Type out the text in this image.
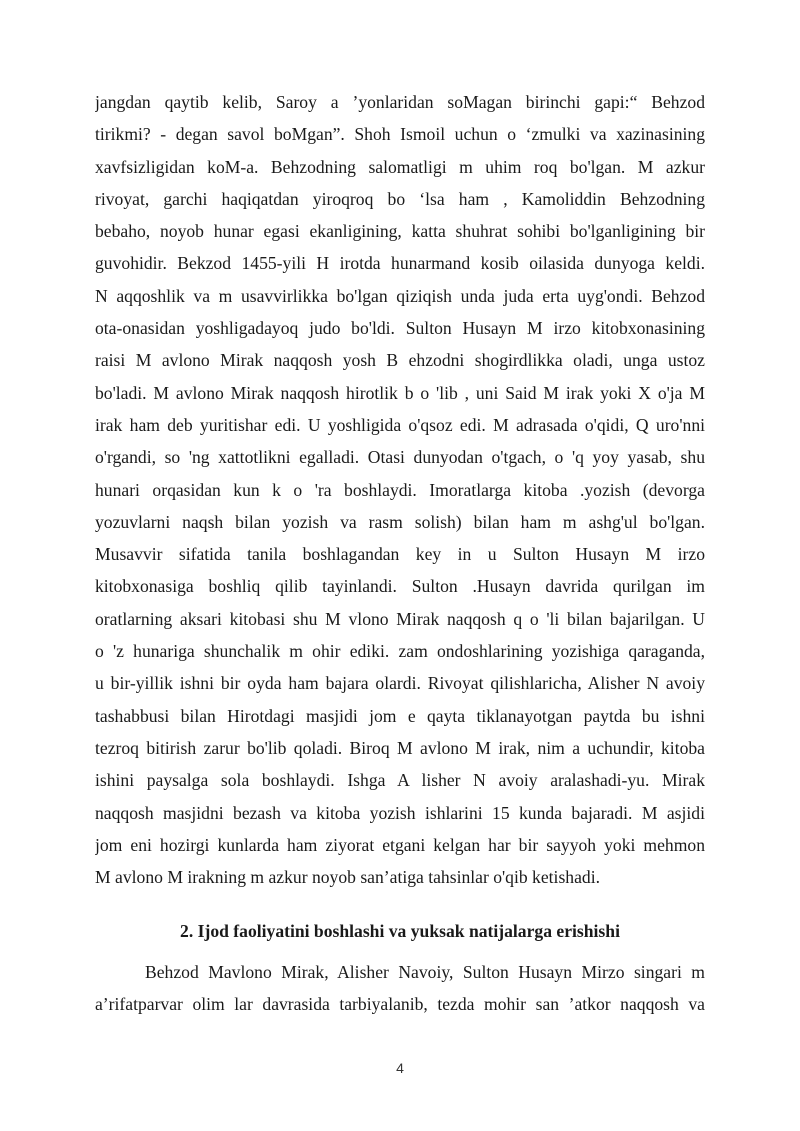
jangdan qaytib kelib, Saroy a ’yonlaridan soMagan birinchi gapi:“ Behzod
tirikmi? - degan savol boMgan”. Shoh Ismoil uchun o ‘zmulki va xazinasining
xavfsizligidan koM-a. Behzodning salomatligi m uhim roq bo'lgan. M azkur
rivoyat, garchi haqiqatdan yiroqroq bo ‘lsa ham , Kamoliddin Behzodning
bebaho, noyob hunar egasi ekanligining, katta shuhrat sohibi bo'lganligining bir
guvohidir. Bekzod 1455-yili H irotda hunarmand kosib oilasida dunyoga keldi.
N aqqoshlik va m usavvirlikka bo'lgan qiziqish unda juda erta uyg'ondi. Behzod
ota-onasidan yoshligadayoq judo bo'ldi. Sulton Husayn M irzo kitobxonasining
raisi M avlono Mirak naqqosh yosh B ehzodni shogirdlikka oladi, unga ustoz
bo'ladi. M avlono Mirak naqqosh hirotlik b o 'lib , uni Said M irak yoki X o'ja M
irak ham deb yuritishar edi. U yoshligida o'qsoz edi. M adrasada o'qidi, Q uro'nni
o'rgandi, so 'ng xattotlikni egalladi. Otasi dunyodan o'tgach, o 'q yoy yasab, shu
hunari orqasidan kun k o 'ra boshlaydi. Imoratlarga kitoba .yozish (devorga
yozuvlarni naqsh bilan yozish va rasm solish) bilan ham m ashg'ul bo'lgan.
Musavvir sifatida tanila boshlagandan key in u Sulton Husayn M irzo
kitobxonasiga boshliq qilib tayinlandi. Sulton .Husayn davrida qurilgan im
oratlarning aksari kitobasi shu M vlono Mirak naqqosh q o 'li bilan bajarilgan. U
o 'z hunariga shunchalik m ohir ediki. zam ondoshlarining yozishiga qaraganda,
u bir-yillik ishni bir oyda ham bajara olardi. Rivoyat qilishlaricha, Alisher N avoiy
tashabbusi bilan Hirotdagi masjidi jom e qayta tiklanayotgan paytda bu ishni
tezroq bitirish zarur bo'lib qoladi. Biroq M avlono M irak, nim a uchundir, kitoba
ishini paysalga sola boshlaydi. Ishga A lisher N avoiy aralashadi-yu. Mirak
naqqosh masjidni bezash va kitoba yozish ishlarini 15 kunda bajaradi. M asjidi
jom eni hozirgi kunlarda ham ziyorat etgani kelgan har bir sayyoh yoki mehmon
M avlono M irakning m azkur noyob san’atiga tahsinlar o'qib ketishadi.
2. Ijod faoliyatini boshlashi va yuksak natijalarga erishishi
Behzod Mavlono Mirak, Alisher Navoiy, Sulton Husayn Mirzo singari m
a’rifatparvar olim lar davrasida tarbiyalanib, tezda mohir san ’atkor naqqosh va
4
